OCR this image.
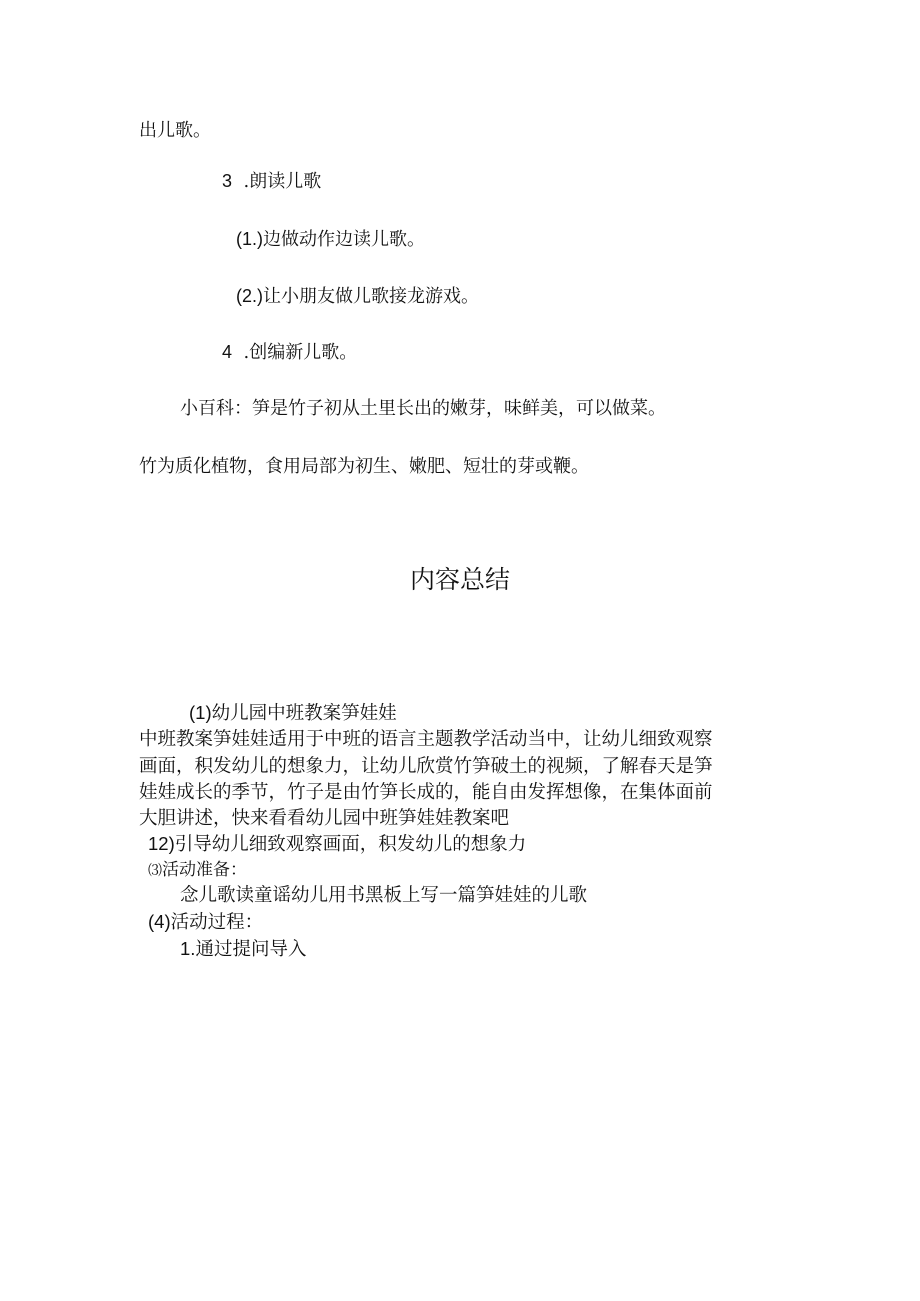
出儿歌。
3 .朗读儿歌
(1.)边做动作边读儿歌。
(2.)让小朋友做儿歌接龙游戏。
4 .创编新儿歌。
小百科：笋是竹子初从土里长出的嫩芽，味鲜美，可以做菜。
竹为质化植物，食用局部为初生、嫩肥、短壮的芽或鞭。
内容总结
(1)幼儿园中班教案笋娃娃
中班教案笋娃娃适用于中班的语言主题教学活动当中，让幼儿细致观察
画面，积发幼儿的想象力，让幼儿欣赏竹笋破土的视频，了解春天是笋
娃娃成长的季节，竹子是由竹笋长成的，能自由发挥想像，在集体面前
大胆讲述，快来看看幼儿园中班笋娃娃教案吧
12)引导幼儿细致观察画面，积发幼儿的想象力
⑶活动准备：
念儿歌读童谣幼儿用书黑板上写一篇笋娃娃的儿歌
(4)活动过程：
1.通过提问导入
